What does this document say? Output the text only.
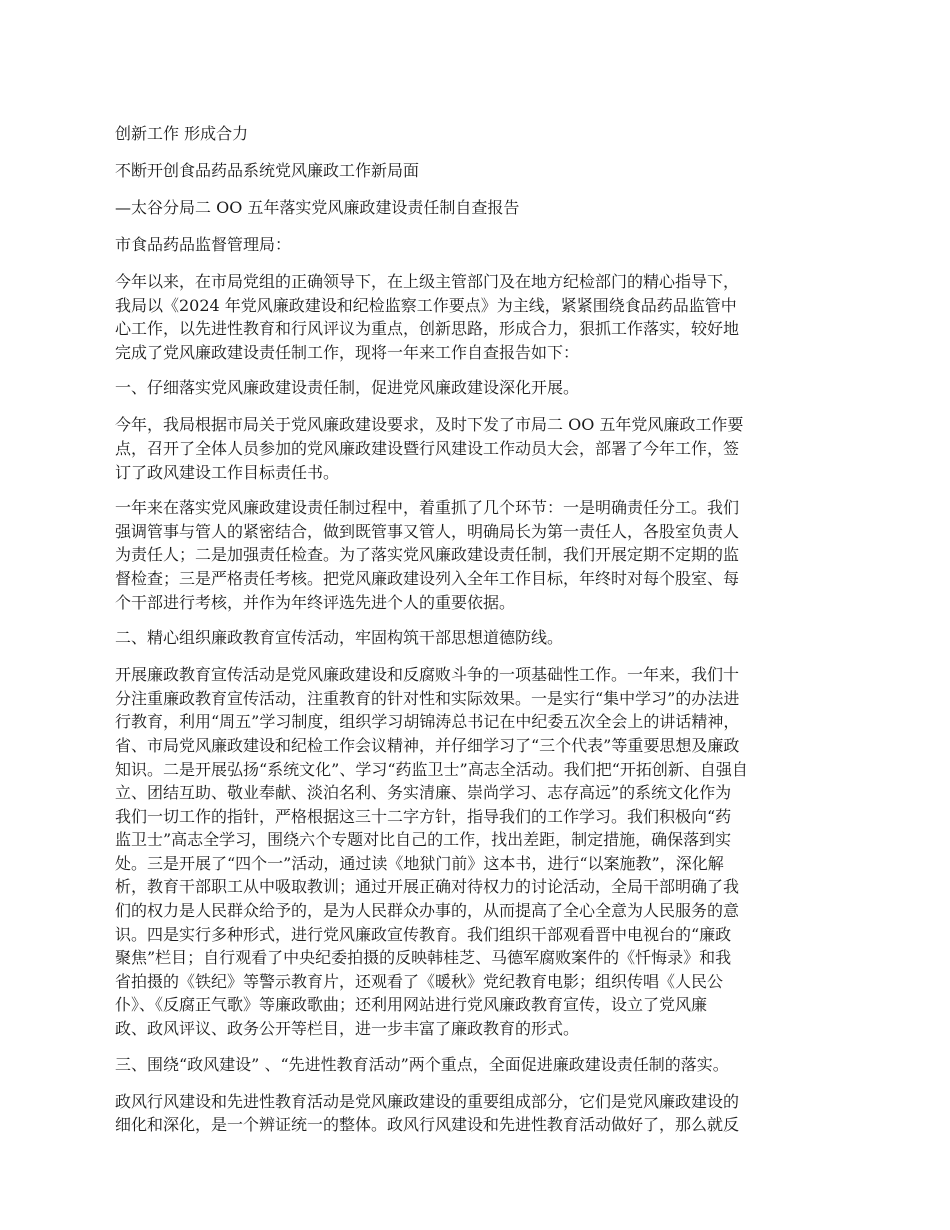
创新工作 形成合力
不断开创食品药品系统党风廉政工作新局面
—太谷分局二 OO 五年落实党风廉政建设责任制自查报告
市食品药品监督管理局：
今年以来，在市局党组的正确领导下，在上级主管部门及在地方纪检部门的精心指导下，
我局以《2024 年党风廉政建设和纪检监察工作要点》为主线，紧紧围绕食品药品监管中
心工作，以先进性教育和行风评议为重点，创新思路，形成合力，狠抓工作落实，较好地
完成了党风廉政建设责任制工作，现将一年来工作自查报告如下：
一、仔细落实党风廉政建设责任制，促进党风廉政建设深化开展。
今年，我局根据市局关于党风廉政建设要求，及时下发了市局二 OO 五年党风廉政工作要
点，召开了全体人员参加的党风廉政建设暨行风建设工作动员大会，部署了今年工作，签
订了政风建设工作目标责任书。
一年来在落实党风廉政建设责任制过程中，着重抓了几个环节：一是明确责任分工。我们
强调管事与管人的紧密结合，做到既管事又管人，明确局长为第一责任人，各股室负责人
为责任人；二是加强责任检查。为了落实党风廉政建设责任制，我们开展定期不定期的监
督检查；三是严格责任考核。把党风廉政建设列入全年工作目标，年终时对每个股室、每
个干部进行考核，并作为年终评选先进个人的重要依据。
二、精心组织廉政教育宣传活动，牢固构筑干部思想道德防线。
开展廉政教育宣传活动是党风廉政建设和反腐败斗争的一项基础性工作。一年来，我们十
分注重廉政教育宣传活动，注重教育的针对性和实际效果。一是实行“集中学习”的办法进
行教育，利用“周五”学习制度，组织学习胡锦涛总书记在中纪委五次全会上的讲话精神，
省、市局党风廉政建设和纪检工作会议精神，并仔细学习了“三个代表”等重要思想及廉政
知识。二是开展弘扬“系统文化”、学习“药监卫士”高志全活动。我们把“开拓创新、自强自
立、团结互助、敬业奉献、淡泊名利、务实清廉、崇尚学习、志存高远”的系统文化作为
我们一切工作的指针，严格根据这三十二字方针，指导我们的工作学习。我们积极向“药
监卫士”高志全学习，围绕六个专题对比自己的工作，找出差距，制定措施，确保落到实
处。三是开展了“四个一”活动，通过读《地狱门前》这本书，进行“以案施教”，深化解
析，教育干部职工从中吸取教训；通过开展正确对待权力的讨论活动，全局干部明确了我
们的权力是人民群众给予的，是为人民群众办事的，从而提高了全心全意为人民服务的意
识。四是实行多种形式，进行党风廉政宣传教育。我们组织干部观看晋中电视台的“廉政
聚焦”栏目；自行观看了中央纪委拍摄的反映韩桂芝、马德军腐败案件的《忏悔录》和我
省拍摄的《铁纪》等警示教育片，还观看了《暖秋》党纪教育电影；组织传唱《人民公
仆》、《反腐正气歌》等廉政歌曲；还利用网站进行党风廉政教育宣传，设立了党风廉
政、政风评议、政务公开等栏目，进一步丰富了廉政教育的形式。
三、围绕“政风建设” 、“先进性教育活动”两个重点，全面促进廉政建设责任制的落实。
政风行风建设和先进性教育活动是党风廉政建设的重要组成部分，它们是党风廉政建设的
细化和深化，是一个辨证统一的整体。政风行风建设和先进性教育活动做好了，那么就反
